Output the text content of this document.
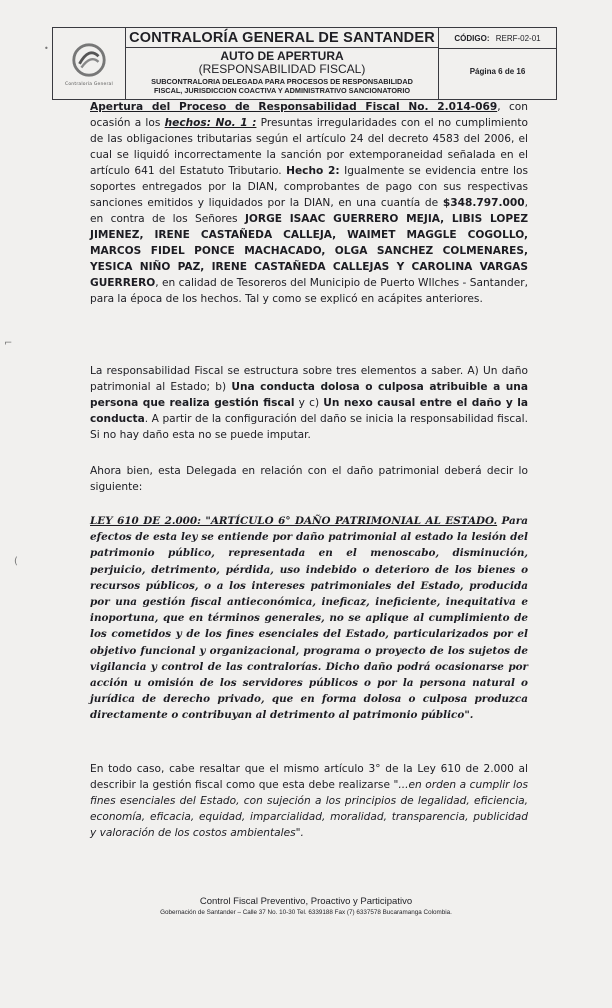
Contraloría General
CONTRALORÍA GENERAL DE SANTANDER
AUTO DE APERTURA
(RESPONSABILIDAD FISCAL)
SUBCONTRALORIA DELEGADA PARA PROCESOS DE RESPONSABILIDAD
FISCAL, JURISDICCION COACTIVA Y ADMINISTRATIVO SANCIONATORIO
CÓDIGO: RERF-02-01
Página 6 de 16
Apertura del Proceso de Responsabilidad Fiscal No. 2.014-069, con ocasión a los hechos: No. 1 : Presuntas irregularidades con el no cumplimiento de las obligaciones tributarias según el artículo 24 del decreto 4583 del 2006, el cual se liquidó incorrectamente la sanción por extemporaneidad señalada en el artículo 641 del Estatuto Tributario. Hecho 2: Igualmente se evidencia entre los soportes entregados por la DIAN, comprobantes de pago con sus respectivas sanciones emitidos y liquidados por la DIAN, en una cuantía de $348.797.000, en contra de los Señores JORGE ISAAC GUERRERO MEJIA, LIBIS LOPEZ JIMENEZ, IRENE CASTAÑEDA CALLEJA, WAIMET MAGGLE COGOLLO, MARCOS FIDEL PONCE MACHACADO, OLGA SANCHEZ COLMENARES, YESICA NIÑO PAZ, IRENE CASTAÑEDA CALLEJAS Y CAROLINA VARGAS GUERRERO, en calidad de Tesoreros del Municipio de Puerto WIlches - Santander, para la época de los hechos. Tal y como se explicó en acápites anteriores.
La responsabilidad Fiscal se estructura sobre tres elementos a saber. A) Un daño patrimonial al Estado; b) Una conducta dolosa o culposa atribuible a una persona que realiza gestión fiscal y c) Un nexo causal entre el daño y la conducta. A partir de la configuración del daño se inicia la responsabilidad fiscal. Si no hay daño esta no se puede imputar.
Ahora bien, esta Delegada en relación con el daño patrimonial deberá decir lo siguiente:
LEY 610 DE 2.000: "ARTÍCULO 6° DAÑO PATRIMONIAL AL ESTADO. Para efectos de esta ley se entiende por daño patrimonial al estado la lesión del patrimonio público, representada en el menoscabo, disminución, perjuicio, detrimento, pérdida, uso indebido o deterioro de los bienes o recursos públicos, o a los intereses patrimoniales del Estado, producida por una gestión fiscal antieconómica, ineficaz, ineficiente, inequitativa e inoportuna, que en términos generales, no se aplique al cumplimiento de los cometidos y de los fines esenciales del Estado, particularizados por el objetivo funcional y organizacional, programa o proyecto de los sujetos de vigilancia y control de las contralorías. Dicho daño podrá ocasionarse por acción u omisión de los servidores públicos o por la persona natural o jurídica de derecho privado, que en forma dolosa o culposa produzca directamente o contribuyan al detrimento al patrimonio público".
En todo caso, cabe resaltar que el mismo artículo 3° de la Ley 610 de 2.000 al describir la gestión fiscal como que esta debe realizarse "...en orden a cumplir los fines esenciales del Estado, con sujeción a los principios de legalidad, eficiencia, economía, eficacia, equidad, imparcialidad, moralidad, transparencia, publicidad y valoración de los costos ambientales".
Control Fiscal Preventivo, Proactivo y Participativo
Gobernación de Santander – Calle 37 No. 10-30 Tel. 6339188 Fax (7) 6337578 Bucaramanga Colombia.
⌐
(
•
